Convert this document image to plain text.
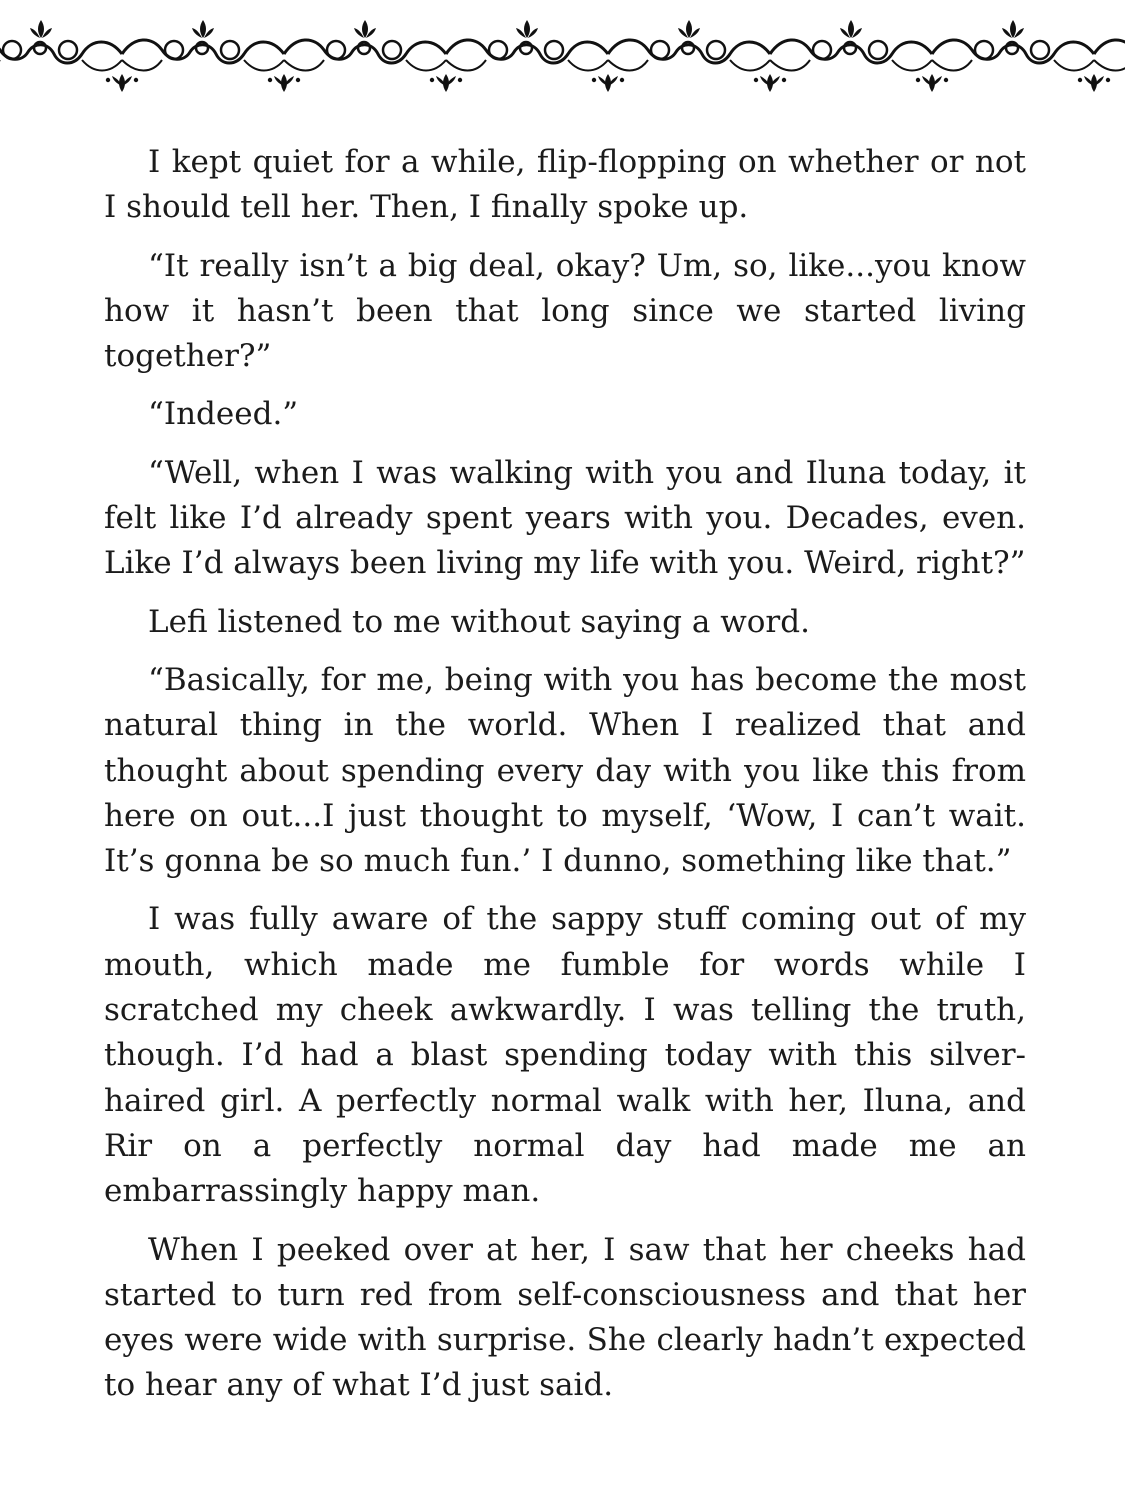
I kept quiet for a while, flip-flopping on whether or not I should tell her. Then, I finally spoke up.

“It really isn’t a big deal, okay? Um, so, like...you know how it hasn’t been that long since we started living together?”

“Indeed.”

“Well, when I was walking with you and Iluna today, it felt like I’d already spent years with you. Decades, even. Like I’d always been living my life with you. Weird, right?”

Lefi listened to me without saying a word.

“Basically, for me, being with you has become the most natural thing in the world. When I realized that and thought about spending every day with you like this from here on out...I just thought to myself, ‘Wow, I can’t wait. It’s gonna be so much fun.’ I dunno, something like that.”

I was fully aware of the sappy stuff coming out of my mouth, which made me fumble for words while I scratched my cheek awkwardly. I was telling the truth, though. I’d had a blast spending today with this silver-haired girl. A perfectly normal walk with her, Iluna, and Rir on a perfectly normal day had made me an embarrassingly happy man.

When I peeked over at her, I saw that her cheeks had started to turn red from self-consciousness and that her eyes were wide with surprise. She clearly hadn’t expected to hear any of what I’d just said.
